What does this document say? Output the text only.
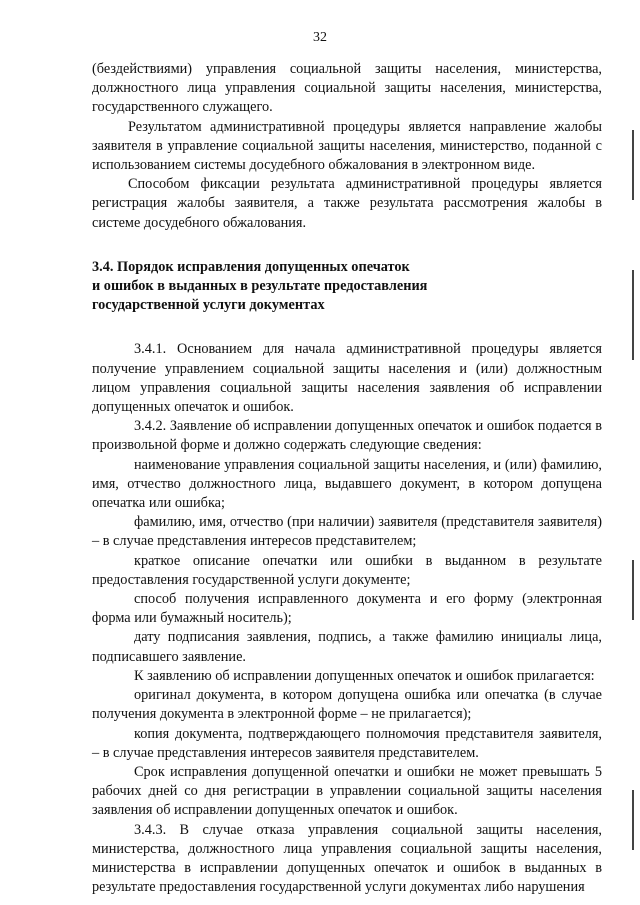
32

(бездействиями) управления социальной защиты населения, министерства, должностного лица управления социальной защиты населения, министерства, государственного служащего.

Результатом административной процедуры является направление жалобы заявителя в управление социальной защиты населения, министерство, поданной с использованием системы досудебного обжалования в электронном виде.

Способом фиксации результата административной процедуры является регистрация жалобы заявителя, а также результата рассмотрения жалобы в системе досудебного обжалования.

3.4. Порядок исправления допущенных опечаток

и ошибок в выданных в результате предоставления

государственной услуги документах

3.4.1. Основанием для начала административной процедуры является получение управлением социальной защиты населения и (или) должностным лицом управления социальной защиты населения заявления об исправлении допущенных опечаток и ошибок.

3.4.2. Заявление об исправлении допущенных опечаток и ошибок подается в произвольной форме и должно содержать следующие сведения:

наименование управления социальной защиты населения, и (или) фамилию, имя, отчество должностного лица, выдавшего документ, в котором допущена опечатка или ошибка;

фамилию, имя, отчество (при наличии) заявителя (представителя заявителя) – в случае представления интересов представителем;

краткое описание опечатки или ошибки в выданном в результате предоставления государственной услуги документе;

способ получения исправленного документа и его форму (электронная форма или бумажный носитель);

дату подписания заявления, подпись, а также фамилию инициалы лица, подписавшего заявление.

К заявлению об исправлении допущенных опечаток и ошибок прилагается:

оригинал документа, в котором допущена ошибка или опечатка (в случае получения документа в электронной форме – не прилагается);

копия документа, подтверждающего полномочия представителя заявителя, – в случае представления интересов заявителя представителем.

Срок исправления допущенной опечатки и ошибки не может превышать 5 рабочих дней со дня регистрации в управлении социальной защиты населения заявления об исправлении допущенных опечаток и ошибок.

3.4.3. В случае отказа управления социальной защиты населения, министерства, должностного лица управления социальной защиты населения, министерства в исправлении допущенных опечаток и ошибок в выданных в результате предоставления государственной услуги документах либо нарушения
